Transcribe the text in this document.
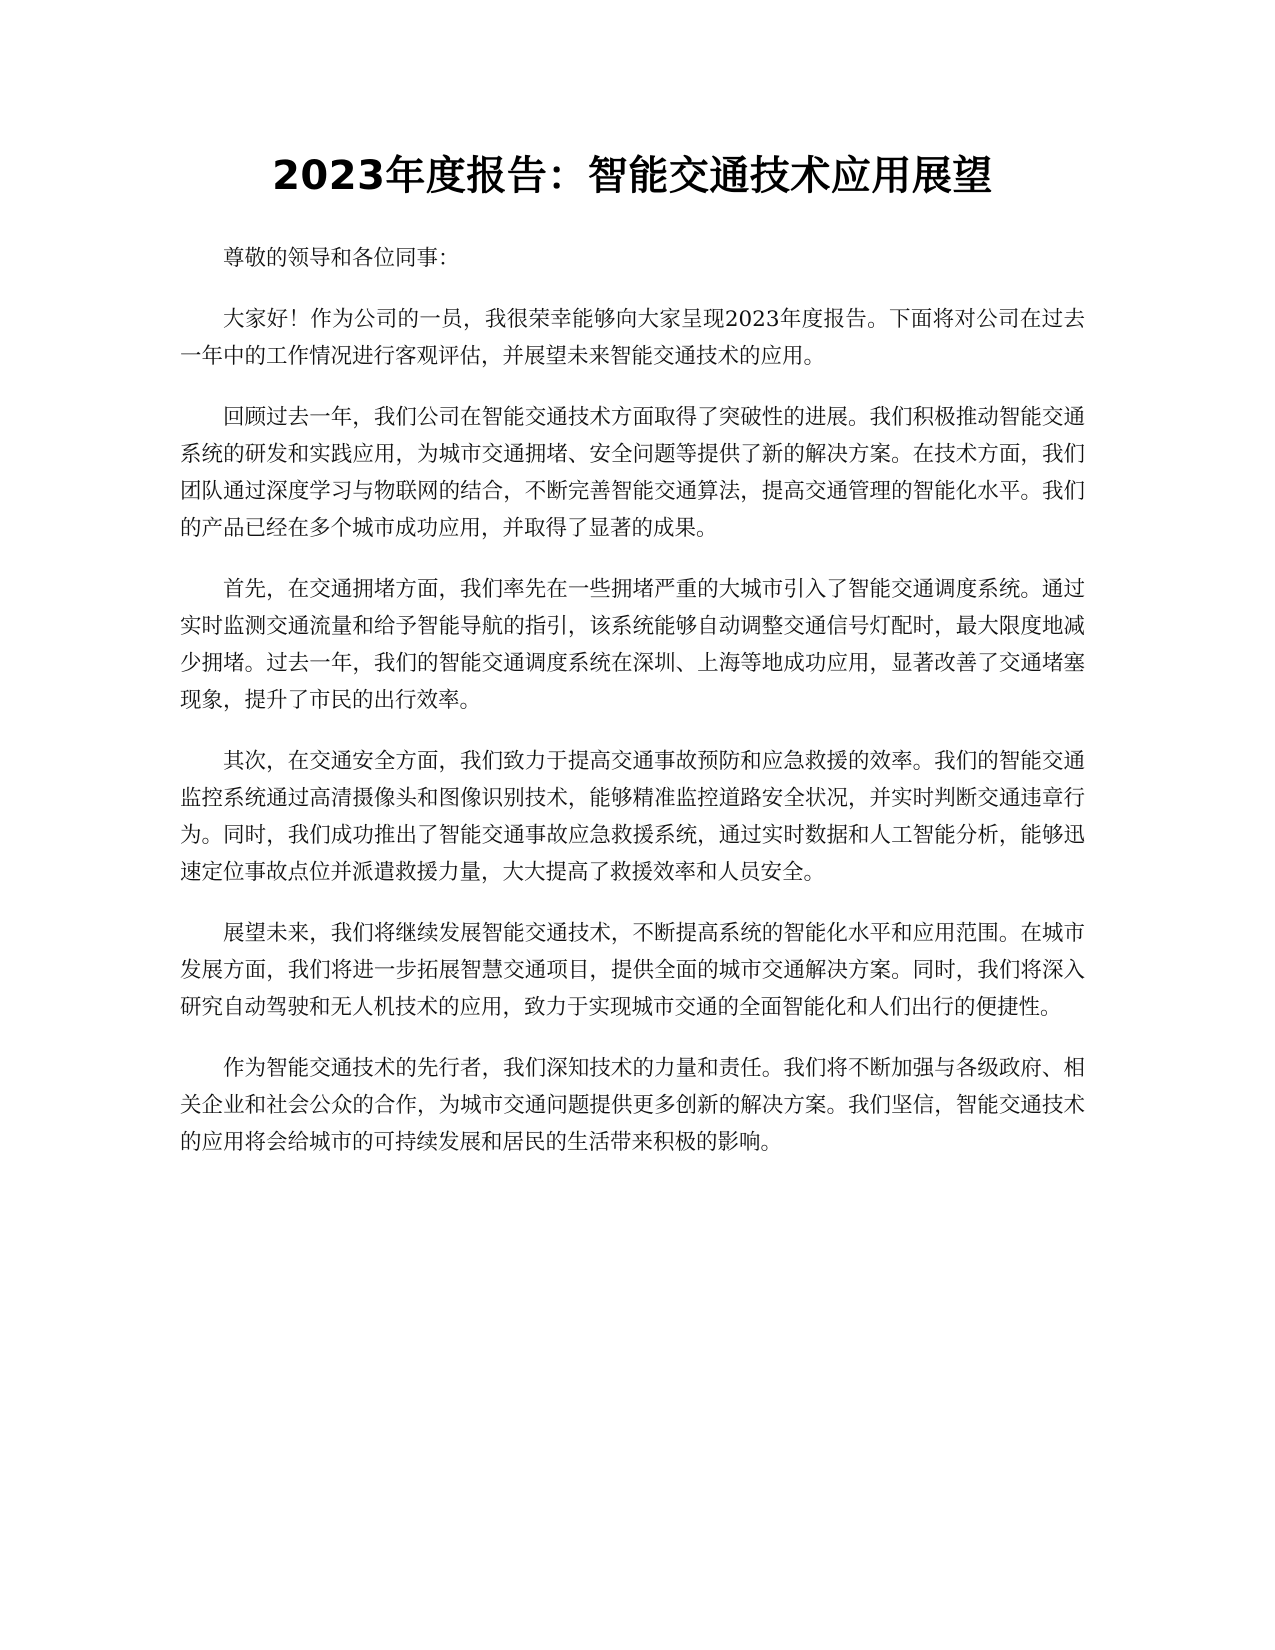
2023年度报告：智能交通技术应用展望

尊敬的领导和各位同事：

大家好！作为公司的一员，我很荣幸能够向大家呈现2023年度报告。下面将对公司在过去一年中的工作情况进行客观评估，并展望未来智能交通技术的应用。

回顾过去一年，我们公司在智能交通技术方面取得了突破性的进展。我们积极推动智能交通系统的研发和实践应用，为城市交通拥堵、安全问题等提供了新的解决方案。在技术方面，我们团队通过深度学习与物联网的结合，不断完善智能交通算法，提高交通管理的智能化水平。我们的产品已经在多个城市成功应用，并取得了显著的成果。

首先，在交通拥堵方面，我们率先在一些拥堵严重的大城市引入了智能交通调度系统。通过实时监测交通流量和给予智能导航的指引，该系统能够自动调整交通信号灯配时，最大限度地减少拥堵。过去一年，我们的智能交通调度系统在深圳、上海等地成功应用，显著改善了交通堵塞现象，提升了市民的出行效率。

其次，在交通安全方面，我们致力于提高交通事故预防和应急救援的效率。我们的智能交通监控系统通过高清摄像头和图像识别技术，能够精准监控道路安全状况，并实时判断交通违章行为。同时，我们成功推出了智能交通事故应急救援系统，通过实时数据和人工智能分析，能够迅速定位事故点位并派遣救援力量，大大提高了救援效率和人员安全。

展望未来，我们将继续发展智能交通技术，不断提高系统的智能化水平和应用范围。在城市发展方面，我们将进一步拓展智慧交通项目，提供全面的城市交通解决方案。同时，我们将深入研究自动驾驶和无人机技术的应用，致力于实现城市交通的全面智能化和人们出行的便捷性。

作为智能交通技术的先行者，我们深知技术的力量和责任。我们将不断加强与各级政府、相关企业和社会公众的合作，为城市交通问题提供更多创新的解决方案。我们坚信，智能交通技术的应用将会给城市的可持续发展和居民的生活带来积极的影响。
